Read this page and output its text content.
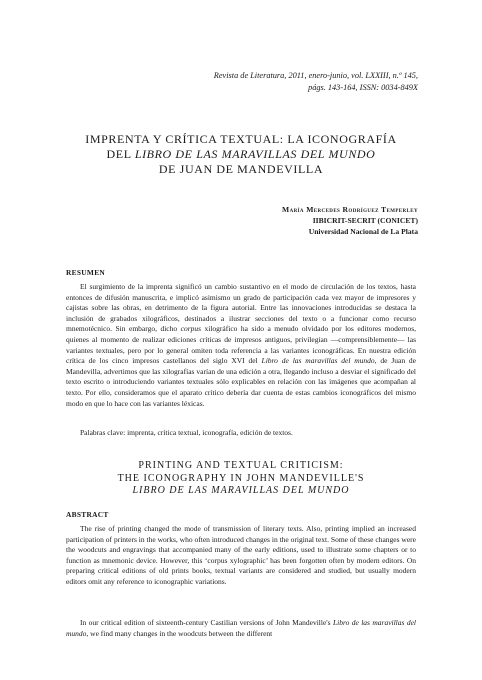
Revista de Literatura, 2011, enero-junio, vol. LXXIII, n.º 145,
págs. 143-164, ISSN: 0034-849X
IMPRENTA Y CRÍTICA TEXTUAL: LA ICONOGRAFÍA
DEL LIBRO DE LAS MARAVILLAS DEL MUNDO
DE JUAN DE MANDEVILLA
María Mercedes Rodríguez Temperley
IIBICRIT-SECRIT (CONICET)
Universidad Nacional de La Plata
RESUMEN
El surgimiento de la imprenta significó un cambio sustantivo en el modo de circulación de los textos, hasta entonces de difusión manuscrita, e implicó asimismo un grado de participación cada vez mayor de impresores y cajistas sobre las obras, en detrimento de la figura autorial. Entre las innovaciones introducidas se destaca la inclusión de grabados xilográficos, destinados a ilustrar secciones del texto o a funcionar como recurso mnemotécnico. Sin embargo, dicho corpus xilográfico ha sido a menudo olvidado por los editores modernos, quienes al momento de realizar ediciones críticas de impresos antiguos, privilegian —comprensiblemente— las variantes textuales, pero por lo general omiten toda referencia a las variantes iconográficas. En nuestra edición crítica de los cinco impresos castellanos del siglo XVI del Libro de las maravillas del mundo, de Juan de Mandevilla, advertimos que las xilografías varían de una edición a otra, llegando incluso a desviar el significado del texto escrito o introduciendo variantes textuales sólo explicables en relación con las imágenes que acompañan al texto. Por ello, consideramos que el aparato crítico debería dar cuenta de estas cambios iconográficos del mismo modo en que lo hace con las variantes léxicas.
Palabras clave: imprenta, crítica textual, iconografía, edición de textos.
PRINTING AND TEXTUAL CRITICISM:
THE ICONOGRAPHY IN JOHN MANDEVILLE'S
LIBRO DE LAS MARAVILLAS DEL MUNDO
ABSTRACT
The rise of printing changed the mode of transmission of literary texts. Also, printing implied an increased participation of printers in the works, who often introduced changes in the original text. Some of these changes were the woodcuts and engravings that accompanied many of the early editions, used to illustrate some chapters or to function as mnemonic device. However, this ‘corpus xylographic’ has been forgotten often by modern editors. On preparing critical editions of old prints books, textual variants are considered and studied, but usually modern editors omit any reference to iconographic variations.
In our critical edition of sixteenth-century Castilian versions of John Mandeville's Libro de las maravillas del mundo, we find many changes in the woodcuts between the different
